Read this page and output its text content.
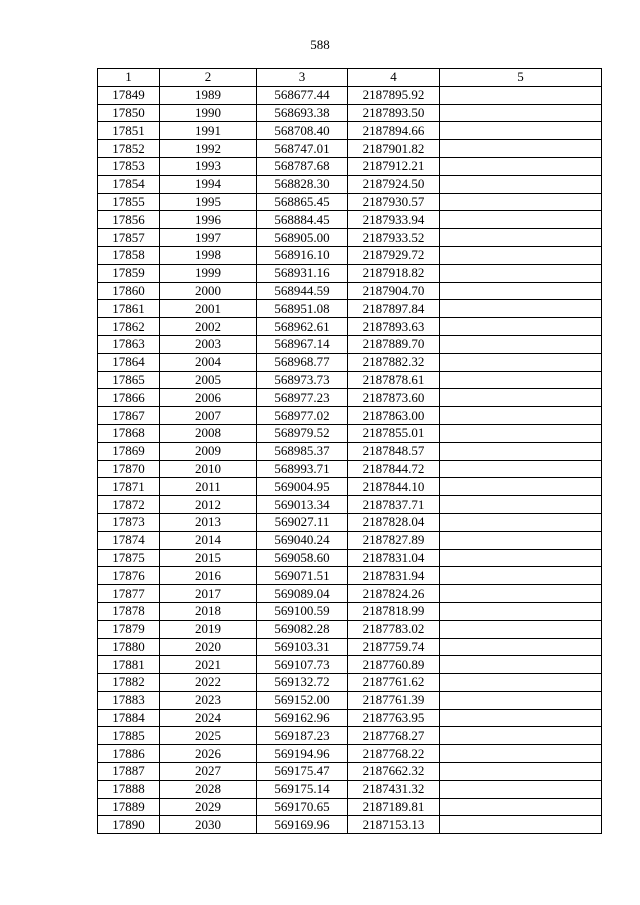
588
1	2	3	4	5
17849	1989	568677.44	2187895.92	
17850	1990	568693.38	2187893.50	
17851	1991	568708.40	2187894.66	
17852	1992	568747.01	2187901.82	
17853	1993	568787.68	2187912.21	
17854	1994	568828.30	2187924.50	
17855	1995	568865.45	2187930.57	
17856	1996	568884.45	2187933.94	
17857	1997	568905.00	2187933.52	
17858	1998	568916.10	2187929.72	
17859	1999	568931.16	2187918.82	
17860	2000	568944.59	2187904.70	
17861	2001	568951.08	2187897.84	
17862	2002	568962.61	2187893.63	
17863	2003	568967.14	2187889.70	
17864	2004	568968.77	2187882.32	
17865	2005	568973.73	2187878.61	
17866	2006	568977.23	2187873.60	
17867	2007	568977.02	2187863.00	
17868	2008	568979.52	2187855.01	
17869	2009	568985.37	2187848.57	
17870	2010	568993.71	2187844.72	
17871	2011	569004.95	2187844.10	
17872	2012	569013.34	2187837.71	
17873	2013	569027.11	2187828.04	
17874	2014	569040.24	2187827.89	
17875	2015	569058.60	2187831.04	
17876	2016	569071.51	2187831.94	
17877	2017	569089.04	2187824.26	
17878	2018	569100.59	2187818.99	
17879	2019	569082.28	2187783.02	
17880	2020	569103.31	2187759.74	
17881	2021	569107.73	2187760.89	
17882	2022	569132.72	2187761.62	
17883	2023	569152.00	2187761.39	
17884	2024	569162.96	2187763.95	
17885	2025	569187.23	2187768.27	
17886	2026	569194.96	2187768.22	
17887	2027	569175.47	2187662.32	
17888	2028	569175.14	2187431.32	
17889	2029	569170.65	2187189.81	
17890	2030	569169.96	2187153.13	
